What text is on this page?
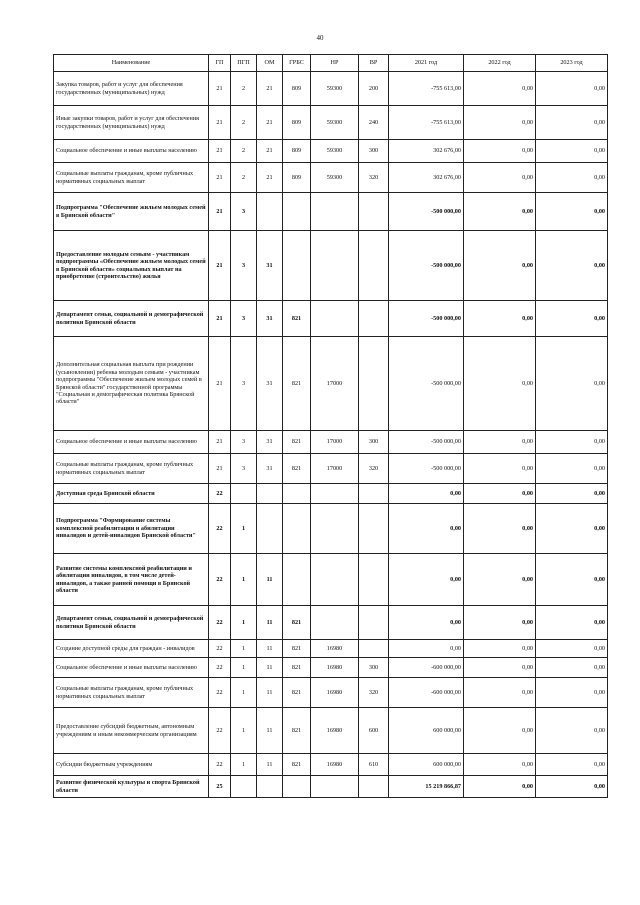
40
Наименование	ГП	ПГП	ОМ	ГРБС	НР	ВР	2021 год	2022 год	2023 год
Закупка товаров, работ и услуг для обеспечения государственных (муниципальных) нужд	21	2	21	809	59300	200	-755 613,00	0,00	0,00
Иные закупки товаров, работ и услуг для обеспечения государственных (муниципальных) нужд	21	2	21	809	59300	240	-755 613,00	0,00	0,00
Социальное обеспечение и иные выплаты населению	21	2	21	809	59300	300	302 676,00	0,00	0,00
Социальные выплаты гражданам, кроме публичных нормативных социальных выплат	21	2	21	809	59300	320	302 676,00	0,00	0,00
Подпрограмма "Обеспечение жильем молодых семей в Брянской области"	21	3					-500 000,00	0,00	0,00
Предоставление молодым семьям - участникам подпрограммы «Обеспечение жильем молодых семей в Брянской области» социальных выплат на приобретение (строительство) жилья	21	3	31				-500 000,00	0,00	0,00
Департамент семьи, социальной и демографической политики Брянской области	21	3	31	821			-500 000,00	0,00	0,00
Дополнительная социальная выплата при рождении (усыновлении) ребенка молодым семьям - участникам подпрограммы "Обеспечение жильем молодых семей в Брянской области" государственной программы "Социальная и демографическая политика Брянской области"	21	3	31	821	17000		-500 000,00	0,00	0,00
Социальное обеспечение и иные выплаты населению	21	3	31	821	17000	300	-500 000,00	0,00	0,00
Социальные выплаты гражданам, кроме публичных нормативных социальных выплат	21	3	31	821	17000	320	-500 000,00	0,00	0,00
Доступная среда Брянской области	22						0,00	0,00	0,00
Подпрограмма "Формирование системы комплексной реабилитации и абилитации инвалидов и детей-инвалидов Брянской области"	22	1					0,00	0,00	0,00
Развитие системы комплексной реабилитации и абилитации инвалидов, в том числе детей-инвалидов, а также ранней помощи в Брянской области	22	1	11				0,00	0,00	0,00
Департамент семьи, социальной и демографической политики Брянской области	22	1	11	821			0,00	0,00	0,00
Создание доступной среды для граждан - инвалидов	22	1	11	821	16980		0,00	0,00	0,00
Социальное обеспечение и иные выплаты населению	22	1	11	821	16980	300	-600 000,00	0,00	0,00
Социальные выплаты гражданам, кроме публичных нормативных социальных выплат	22	1	11	821	16980	320	-600 000,00	0,00	0,00
Предоставление субсидий бюджетным, автономным учреждениям и иным некоммерческим организациям	22	1	11	821	16980	600	600 000,00	0,00	0,00
Субсидии бюджетным учреждениям	22	1	11	821	16980	610	600 000,00	0,00	0,00
Развитие физической культуры и спорта Брянской области	25						15 219 866,87	0,00	0,00
